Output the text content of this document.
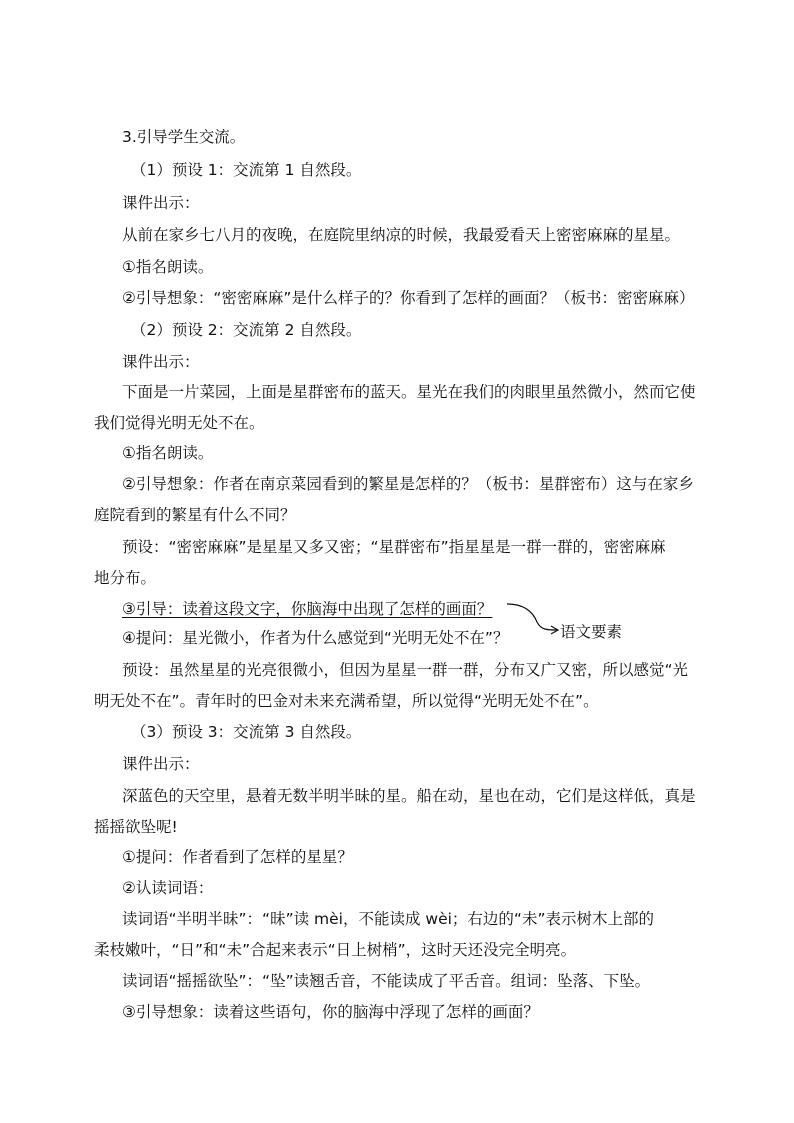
3.引导学生交流。
（1）预设 1：交流第 1 自然段。
课件出示：
从前在家乡七八月的夜晚，在庭院里纳凉的时候，我最爱看天上密密麻麻的星星。
①指名朗读。
②引导想象：“密密麻麻”是什么样子的？你看到了怎样的画面？（板书：密密麻麻）
（2）预设 2：交流第 2 自然段。
课件出示：
下面是一片菜园，上面是星群密布的蓝天。星光在我们的肉眼里虽然微小，然而它使
我们觉得光明无处不在。
①指名朗读。
②引导想象：作者在南京菜园看到的繁星是怎样的？（板书：星群密布）这与在家乡
庭院看到的繁星有什么不同？
预设：“密密麻麻”是星星又多又密；“星群密布”指星星是一群一群的，密密麻麻
地分布。
③引导：读着这段文字，你脑海中出现了怎样的画面？
④提问：星光微小，作者为什么感觉到“光明无处不在”？
预设：虽然星星的光亮很微小，但因为星星一群一群，分布又广又密，所以感觉“光
明无处不在”。青年时的巴金对未来充满希望，所以觉得“光明无处不在”。
（3）预设 3：交流第 3 自然段。
课件出示：
深蓝色的天空里，悬着无数半明半昧的星。船在动，星也在动，它们是这样低，真是
摇摇欲坠呢!
①提问：作者看到了怎样的星星？
②认读词语：
读词语“半明半昧”：“昧”读 mèi，不能读成 wèi；右边的“未”表示树木上部的
柔枝嫩叶，“日”和“未”合起来表示“日上树梢”，这时天还没完全明亮。
读词语“摇摇欲坠”：“坠”读翘舌音，不能读成了平舌音。组词：坠落、下坠。
③引导想象：读着这些语句，你的脑海中浮现了怎样的画面？
语文要素
